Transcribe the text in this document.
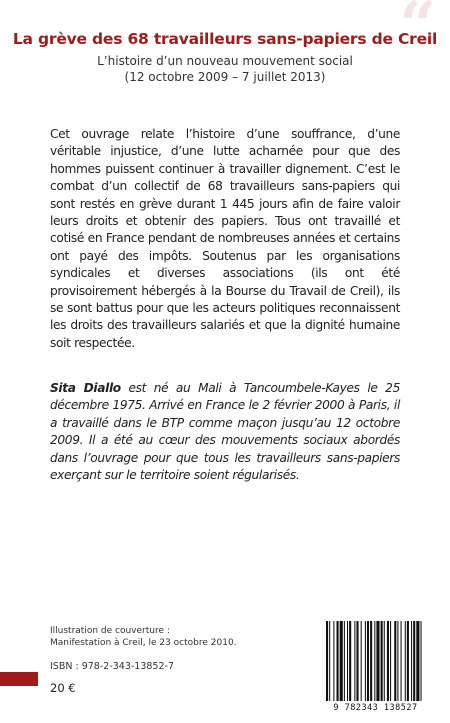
“
La grève des 68 travailleurs sans-papiers de Creil
L’histoire d’un nouveau mouvement social
(12 octobre 2009 – 7 juillet 2013)
Cet ouvrage relate l’histoire d’une souffrance, d’une véritable injustice, d’une lutte acharnée pour que des hommes puissent continuer à travailler dignement. C’est le combat d’un collectif de 68 travailleurs sans-papiers qui sont restés en grève durant 1 445 jours afin de faire valoir leurs droits et obtenir des papiers. Tous ont travaillé et cotisé en France pendant de nombreuses années et certains ont payé des impôts. Soutenus par les organisations syndicales et diverses associations (ils ont été provisoirement hébergés à la Bourse du Travail de Creil), ils se sont battus pour que les acteurs politiques reconnaissent les droits des travailleurs salariés et que la dignité humaine soit respectée.
Sita Diallo est né au Mali à Tancoumbele-Kayes le 25 décembre 1975. Arrivé en France le 2 février 2000 à Paris, il a travaillé dans le BTP comme maçon jusqu’au 12 octobre 2009. Il a été au cœur des mouvements sociaux abordés dans l’ouvrage pour que tous les travailleurs sans-papiers exerçant sur le territoire soient régularisés.
Illustration de couverture :
Manifestation à Creil, le 23 octobre 2010.
ISBN : 978-2-343-13852-7
20 €
9 782343 138527
